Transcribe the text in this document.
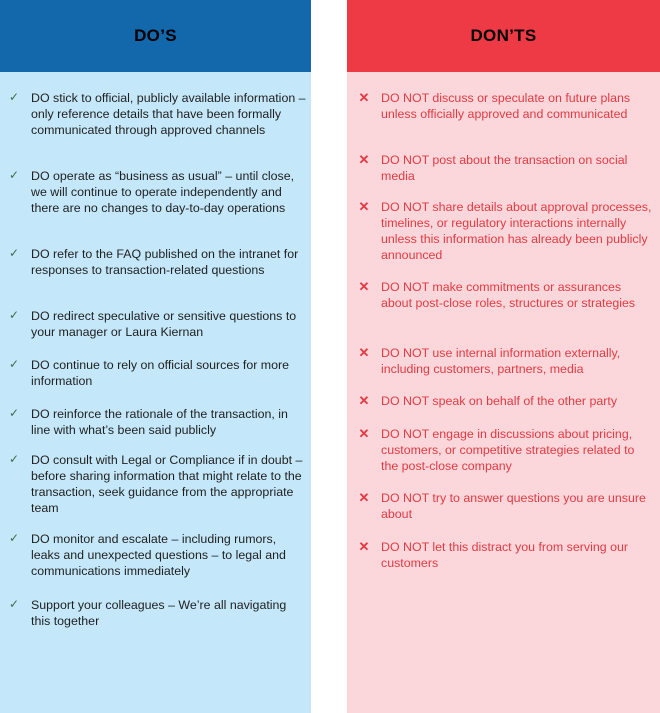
DO’S
✓ DO stick to official, publicly available information – only reference details that have been formally communicated through approved channels
✓ DO operate as “business as usual” – until close, we will continue to operate independently and there are no changes to day-to-day operations
✓ DO refer to the FAQ published on the intranet for responses to transaction-related questions
✓ DO redirect speculative or sensitive questions to your manager or Laura Kiernan
✓ DO continue to rely on official sources for more information
✓ DO reinforce the rationale of the transaction, in line with what’s been said publicly
✓ DO consult with Legal or Compliance if in doubt – before sharing information that might relate to the transaction, seek guidance from the appropriate team
✓ DO monitor and escalate – including rumors, leaks and unexpected questions – to legal and communications immediately
✓ Support your colleagues – We’re all navigating this together
DON’TS
✕ DO NOT discuss or speculate on future plans unless officially approved and communicated
✕ DO NOT post about the transaction on social media
✕ DO NOT share details about approval processes, timelines, or regulatory interactions internally unless this information has already been publicly announced
✕ DO NOT make commitments or assurances about post-close roles, structures or strategies
✕ DO NOT use internal information externally, including customers, partners, media
✕ DO NOT speak on behalf of the other party
✕ DO NOT engage in discussions about pricing, customers, or competitive strategies related to the post-close company
✕ DO NOT try to answer questions you are unsure about
✕ DO NOT let this distract you from serving our customers
